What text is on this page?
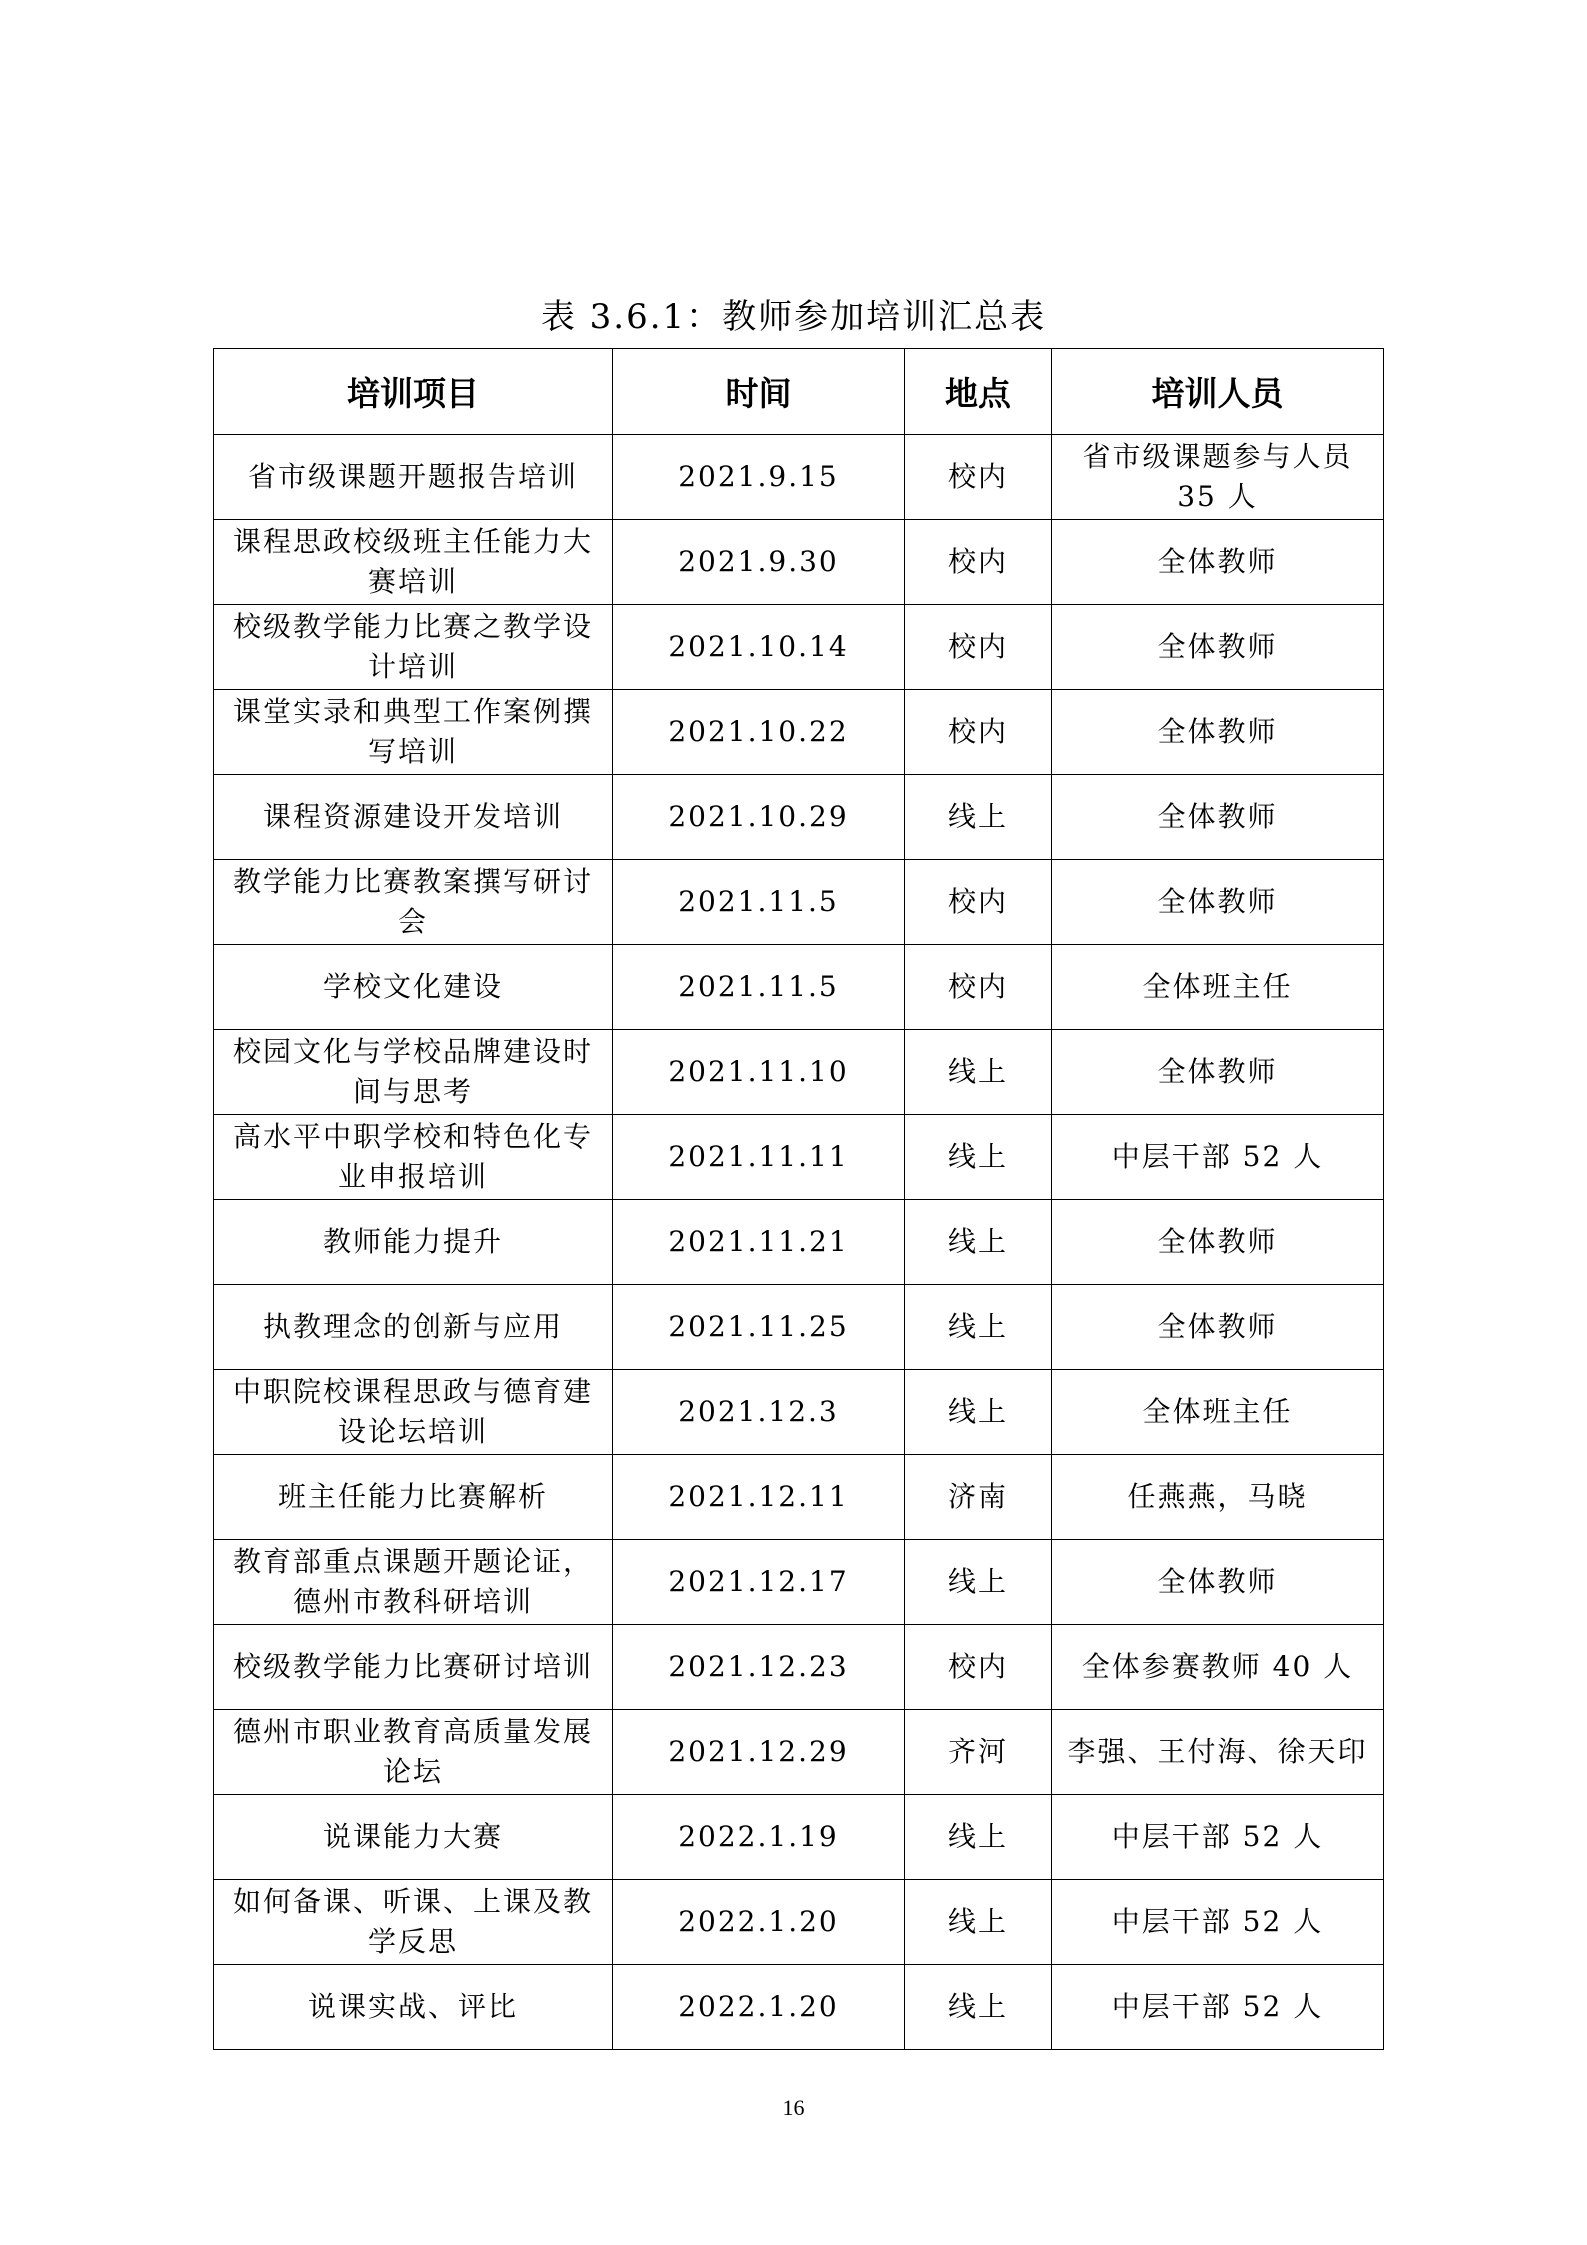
表 3.6.1：教师参加培训汇总表
培训项目	时间	地点	培训人员
省市级课题开题报告培训	2021.9.15	校内	省市级课题参与人员 35 人
课程思政校级班主任能力大赛培训	2021.9.30	校内	全体教师
校级教学能力比赛之教学设计培训	2021.10.14	校内	全体教师
课堂实录和典型工作案例撰写培训	2021.10.22	校内	全体教师
课程资源建设开发培训	2021.10.29	线上	全体教师
教学能力比赛教案撰写研讨会	2021.11.5	校内	全体教师
学校文化建设	2021.11.5	校内	全体班主任
校园文化与学校品牌建设时间与思考	2021.11.10	线上	全体教师
高水平中职学校和特色化专业申报培训	2021.11.11	线上	中层干部 52 人
教师能力提升	2021.11.21	线上	全体教师
执教理念的创新与应用	2021.11.25	线上	全体教师
中职院校课程思政与德育建设论坛培训	2021.12.3	线上	全体班主任
班主任能力比赛解析	2021.12.11	济南	任燕燕，马晓
教育部重点课题开题论证，德州市教科研培训	2021.12.17	线上	全体教师
校级教学能力比赛研讨培训	2021.12.23	校内	全体参赛教师 40 人
德州市职业教育高质量发展论坛	2021.12.29	齐河	李强、王付海、徐天印
说课能力大赛	2022.1.19	线上	中层干部 52 人
如何备课、听课、上课及教学反思	2022.1.20	线上	中层干部 52 人
说课实战、评比	2022.1.20	线上	中层干部 52 人
16
